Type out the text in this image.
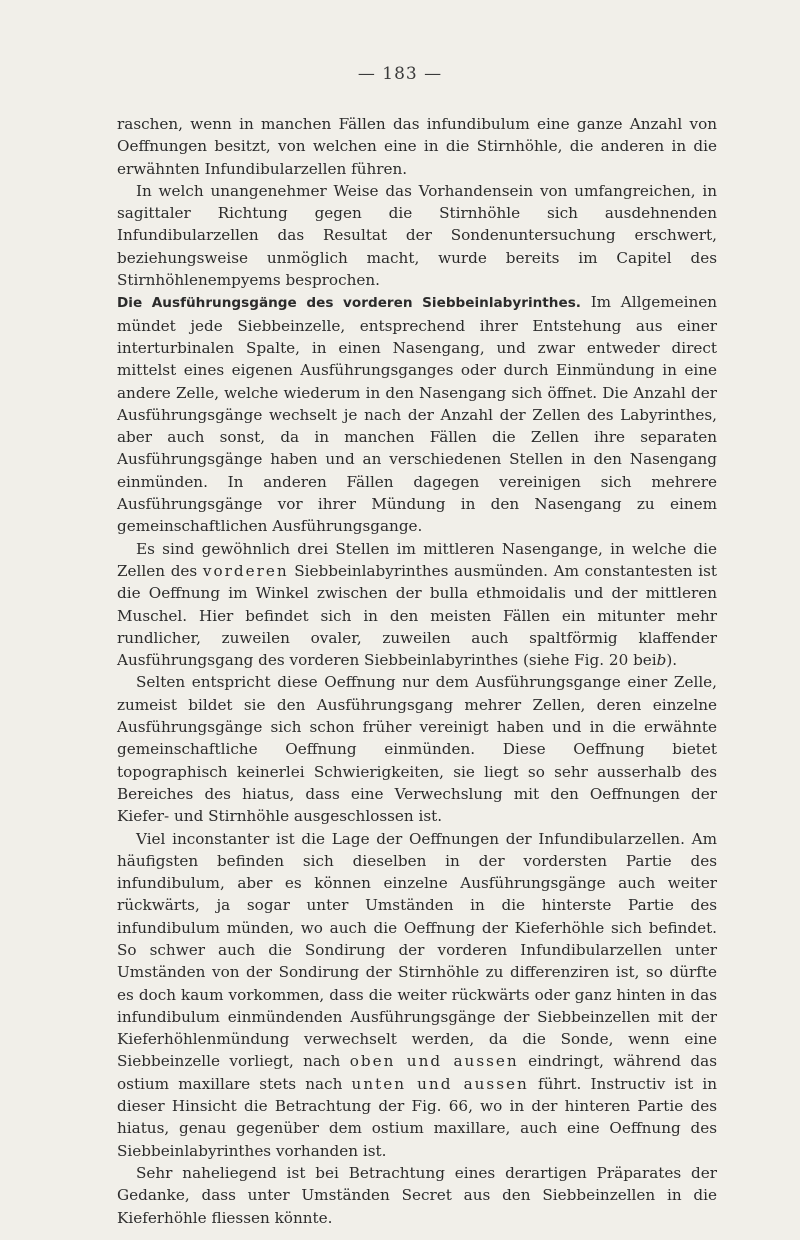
— 183 —

raschen, wenn in manchen Fällen das infundibulum eine ganze Anzahl von Oeffnungen besitzt, von welchen eine in die Stirnhöhle, die anderen in die erwähnten Infundibularzellen führen.

In welch unangenehmer Weise das Vorhandensein von umfangreichen, in sagittaler Richtung gegen die Stirnhöhle sich ausdehnenden Infundibularzellen das Resultat der Sondenuntersuchung erschwert, beziehungsweise unmöglich macht, wurde bereits im Capitel des Stirnhöhlenempyems besprochen.

Die Ausführungsgänge des vorderen Siebbeinlabyrinthes. Im Allgemeinen mündet jede Siebbeinzelle, entsprechend ihrer Entstehung aus einer interturbinalen Spalte, in einen Nasengang, und zwar entweder direct mittelst eines eigenen Ausführungsganges oder durch Einmündung in eine andere Zelle, welche wiederum in den Nasengang sich öffnet. Die Anzahl der Ausführungsgänge wechselt je nach der Anzahl der Zellen des Labyrinthes, aber auch sonst, da in manchen Fällen die Zellen ihre separaten Ausführungsgänge haben und an verschiedenen Stellen in den Nasengang einmünden. In anderen Fällen dagegen vereinigen sich mehrere Ausführungsgänge vor ihrer Mündung in den Nasengang zu einem gemeinschaftlichen Ausführungsgange.

Es sind gewöhnlich drei Stellen im mittleren Nasengange, in welche die Zellen des vorderen Siebbeinlabyrinthes ausmünden. Am constantesten ist die Oeffnung im Winkel zwischen der bulla ethmoidalis und der mittleren Muschel. Hier befindet sich in den meisten Fällen ein mitunter mehr rundlicher, zuweilen ovaler, zuweilen auch spaltförmig klaffender Ausführungsgang des vorderen Siebbeinlabyrinthes (siehe Fig. 20 beib).

Selten entspricht diese Oeffnung nur dem Ausführungsgange einer Zelle, zumeist bildet sie den Ausführungsgang mehrer Zellen, deren einzelne Ausführungsgänge sich schon früher vereinigt haben und in die erwähnte gemeinschaftliche Oeffnung einmünden. Diese Oeffnung bietet topographisch keinerlei Schwierigkeiten, sie liegt so sehr ausserhalb des Bereiches des hiatus, dass eine Verwechslung mit den Oeffnungen der Kiefer- und Stirnhöhle ausgeschlossen ist.

Viel inconstanter ist die Lage der Oeffnungen der Infundibularzellen. Am häufigsten befinden sich dieselben in der vordersten Partie des infundibulum, aber es können einzelne Ausführungsgänge auch weiter rückwärts, ja sogar unter Umständen in die hinterste Partie des infundibulum münden, wo auch die Oeffnung der Kieferhöhle sich befindet. So schwer auch die Sondirung der vorderen Infundibularzellen unter Umständen von der Sondirung der Stirnhöhle zu differenziren ist, so dürfte es doch kaum vorkommen, dass die weiter rückwärts oder ganz hinten in das infundibulum einmündenden Ausführungsgänge der Siebbeinzellen mit der Kieferhöhlenmündung verwechselt werden, da die Sonde, wenn eine Siebbeinzelle vorliegt, nach oben und aussen eindringt, während das ostium maxillare stets nach unten und aussen führt. Instructiv ist in dieser Hinsicht die Betrachtung der Fig. 66, wo in der hinteren Partie des hiatus, genau gegenüber dem ostium maxillare, auch eine Oeffnung des Siebbeinlabyrinthes vorhanden ist.

Sehr naheliegend ist bei Betrachtung eines derartigen Präparates der Gedanke, dass unter Umständen Secret aus den Siebbeinzellen in die Kieferhöhle fliessen könnte.
